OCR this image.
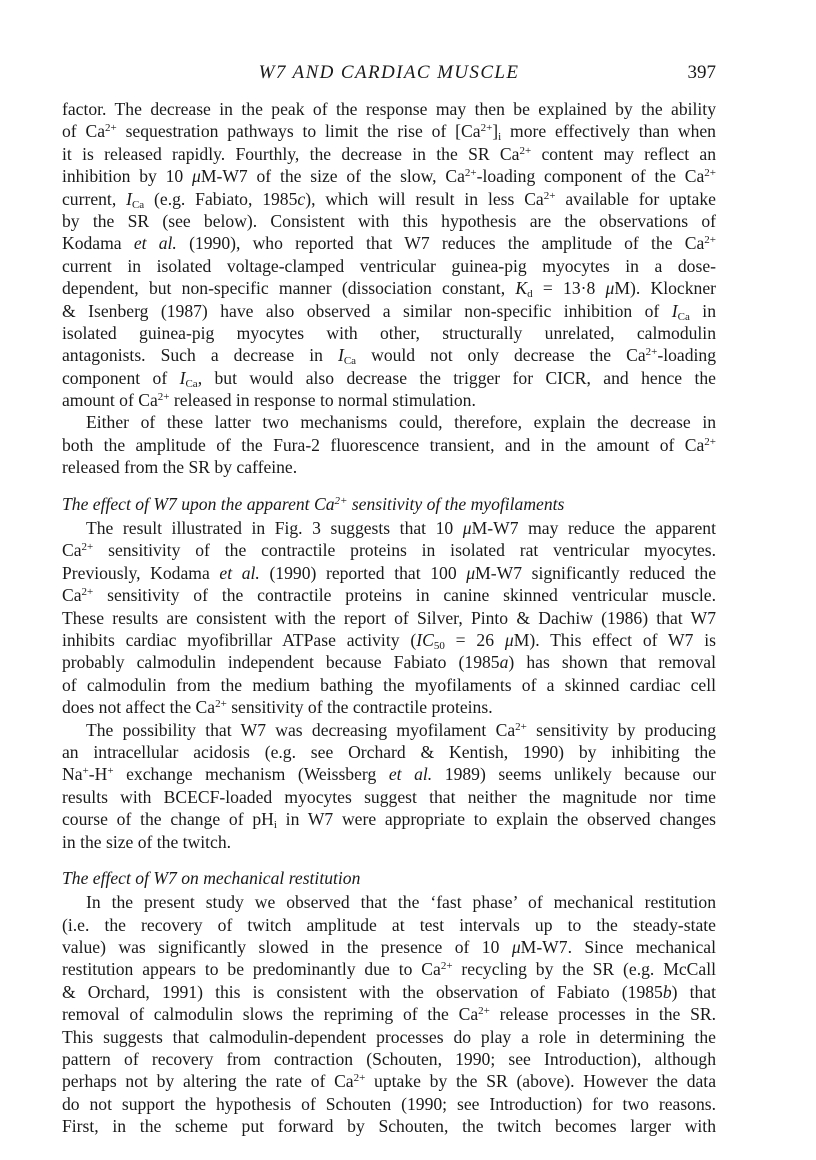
W7 AND CARDIAC MUSCLE	397
factor. The decrease in the peak of the response may then be explained by the ability
of $Ca^{2+}$ sequestration pathways to limit the rise of $[Ca^{2+}]_i$ more effectively than when
it is released rapidly. Fourthly, the decrease in the SR $Ca^{2+}$ content may reflect an
inhibition by 10 μM-W7 of the size of the slow, $Ca^{2+}$-loading component of the $Ca^{2+}$
current, $I_{Ca}$ (e.g. Fabiato, 1985c), which will result in less $Ca^{2+}$ available for uptake
by the SR (see below). Consistent with this hypothesis are the observations of
Kodama et al. (1990), who reported that W7 reduces the amplitude of the $Ca^{2+}$
current in isolated voltage-clamped ventricular guinea-pig myocytes in a dose-
dependent, but non-specific manner (dissociation constant, $K_d = 13\cdot 8$ μM). Klockner
& Isenberg (1987) have also observed a similar non-specific inhibition of $I_{Ca}$ in
isolated guinea-pig myocytes with other, structurally unrelated, calmodulin
antagonists. Such a decrease in $I_{Ca}$ would not only decrease the $Ca^{2+}$-loading
component of $I_{Ca}$, but would also decrease the trigger for CICR, and hence the
amount of $Ca^{2+}$ released in response to normal stimulation.
Either of these latter two mechanisms could, therefore, explain the decrease in
both the amplitude of the Fura-2 fluorescence transient, and in the amount of $Ca^{2+}$
released from the SR by caffeine.
The effect of W7 upon the apparent $Ca^{2+}$ sensitivity of the myofilaments
The result illustrated in Fig. 3 suggests that 10 μM-W7 may reduce the apparent
$Ca^{2+}$ sensitivity of the contractile proteins in isolated rat ventricular myocytes.
Previously, Kodama et al. (1990) reported that 100 μM-W7 significantly reduced the
$Ca^{2+}$ sensitivity of the contractile proteins in canine skinned ventricular muscle.
These results are consistent with the report of Silver, Pinto & Dachiw (1986) that W7
inhibits cardiac myofibrillar ATPase activity ($IC_{50} = 26$ μM). This effect of W7 is
probably calmodulin independent because Fabiato (1985a) has shown that removal
of calmodulin from the medium bathing the myofilaments of a skinned cardiac cell
does not affect the $Ca^{2+}$ sensitivity of the contractile proteins.
The possibility that W7 was decreasing myofilament $Ca^{2+}$ sensitivity by producing
an intracellular acidosis (e.g. see Orchard & Kentish, 1990) by inhibiting the
Na+-H+ exchange mechanism (Weissberg et al. 1989) seems unlikely because our
results with BCECF-loaded myocytes suggest that neither the magnitude nor time
course of the change of $pH_i$ in W7 were appropriate to explain the observed changes
in the size of the twitch.
The effect of W7 on mechanical restitution
In the present study we observed that the ‘fast phase’ of mechanical restitution
(i.e. the recovery of twitch amplitude at test intervals up to the steady-state
value) was significantly slowed in the presence of 10 μM-W7. Since mechanical
restitution appears to be predominantly due to $Ca^{2+}$ recycling by the SR (e.g. McCall
& Orchard, 1991) this is consistent with the observation of Fabiato (1985b) that
removal of calmodulin slows the repriming of the $Ca^{2+}$ release processes in the SR.
This suggests that calmodulin-dependent processes do play a role in determining the
pattern of recovery from contraction (Schouten, 1990; see Introduction), although
perhaps not by altering the rate of $Ca^{2+}$ uptake by the SR (above). However the data
do not support the hypothesis of Schouten (1990; see Introduction) for two reasons.
First, in the scheme put forward by Schouten, the twitch becomes larger with
